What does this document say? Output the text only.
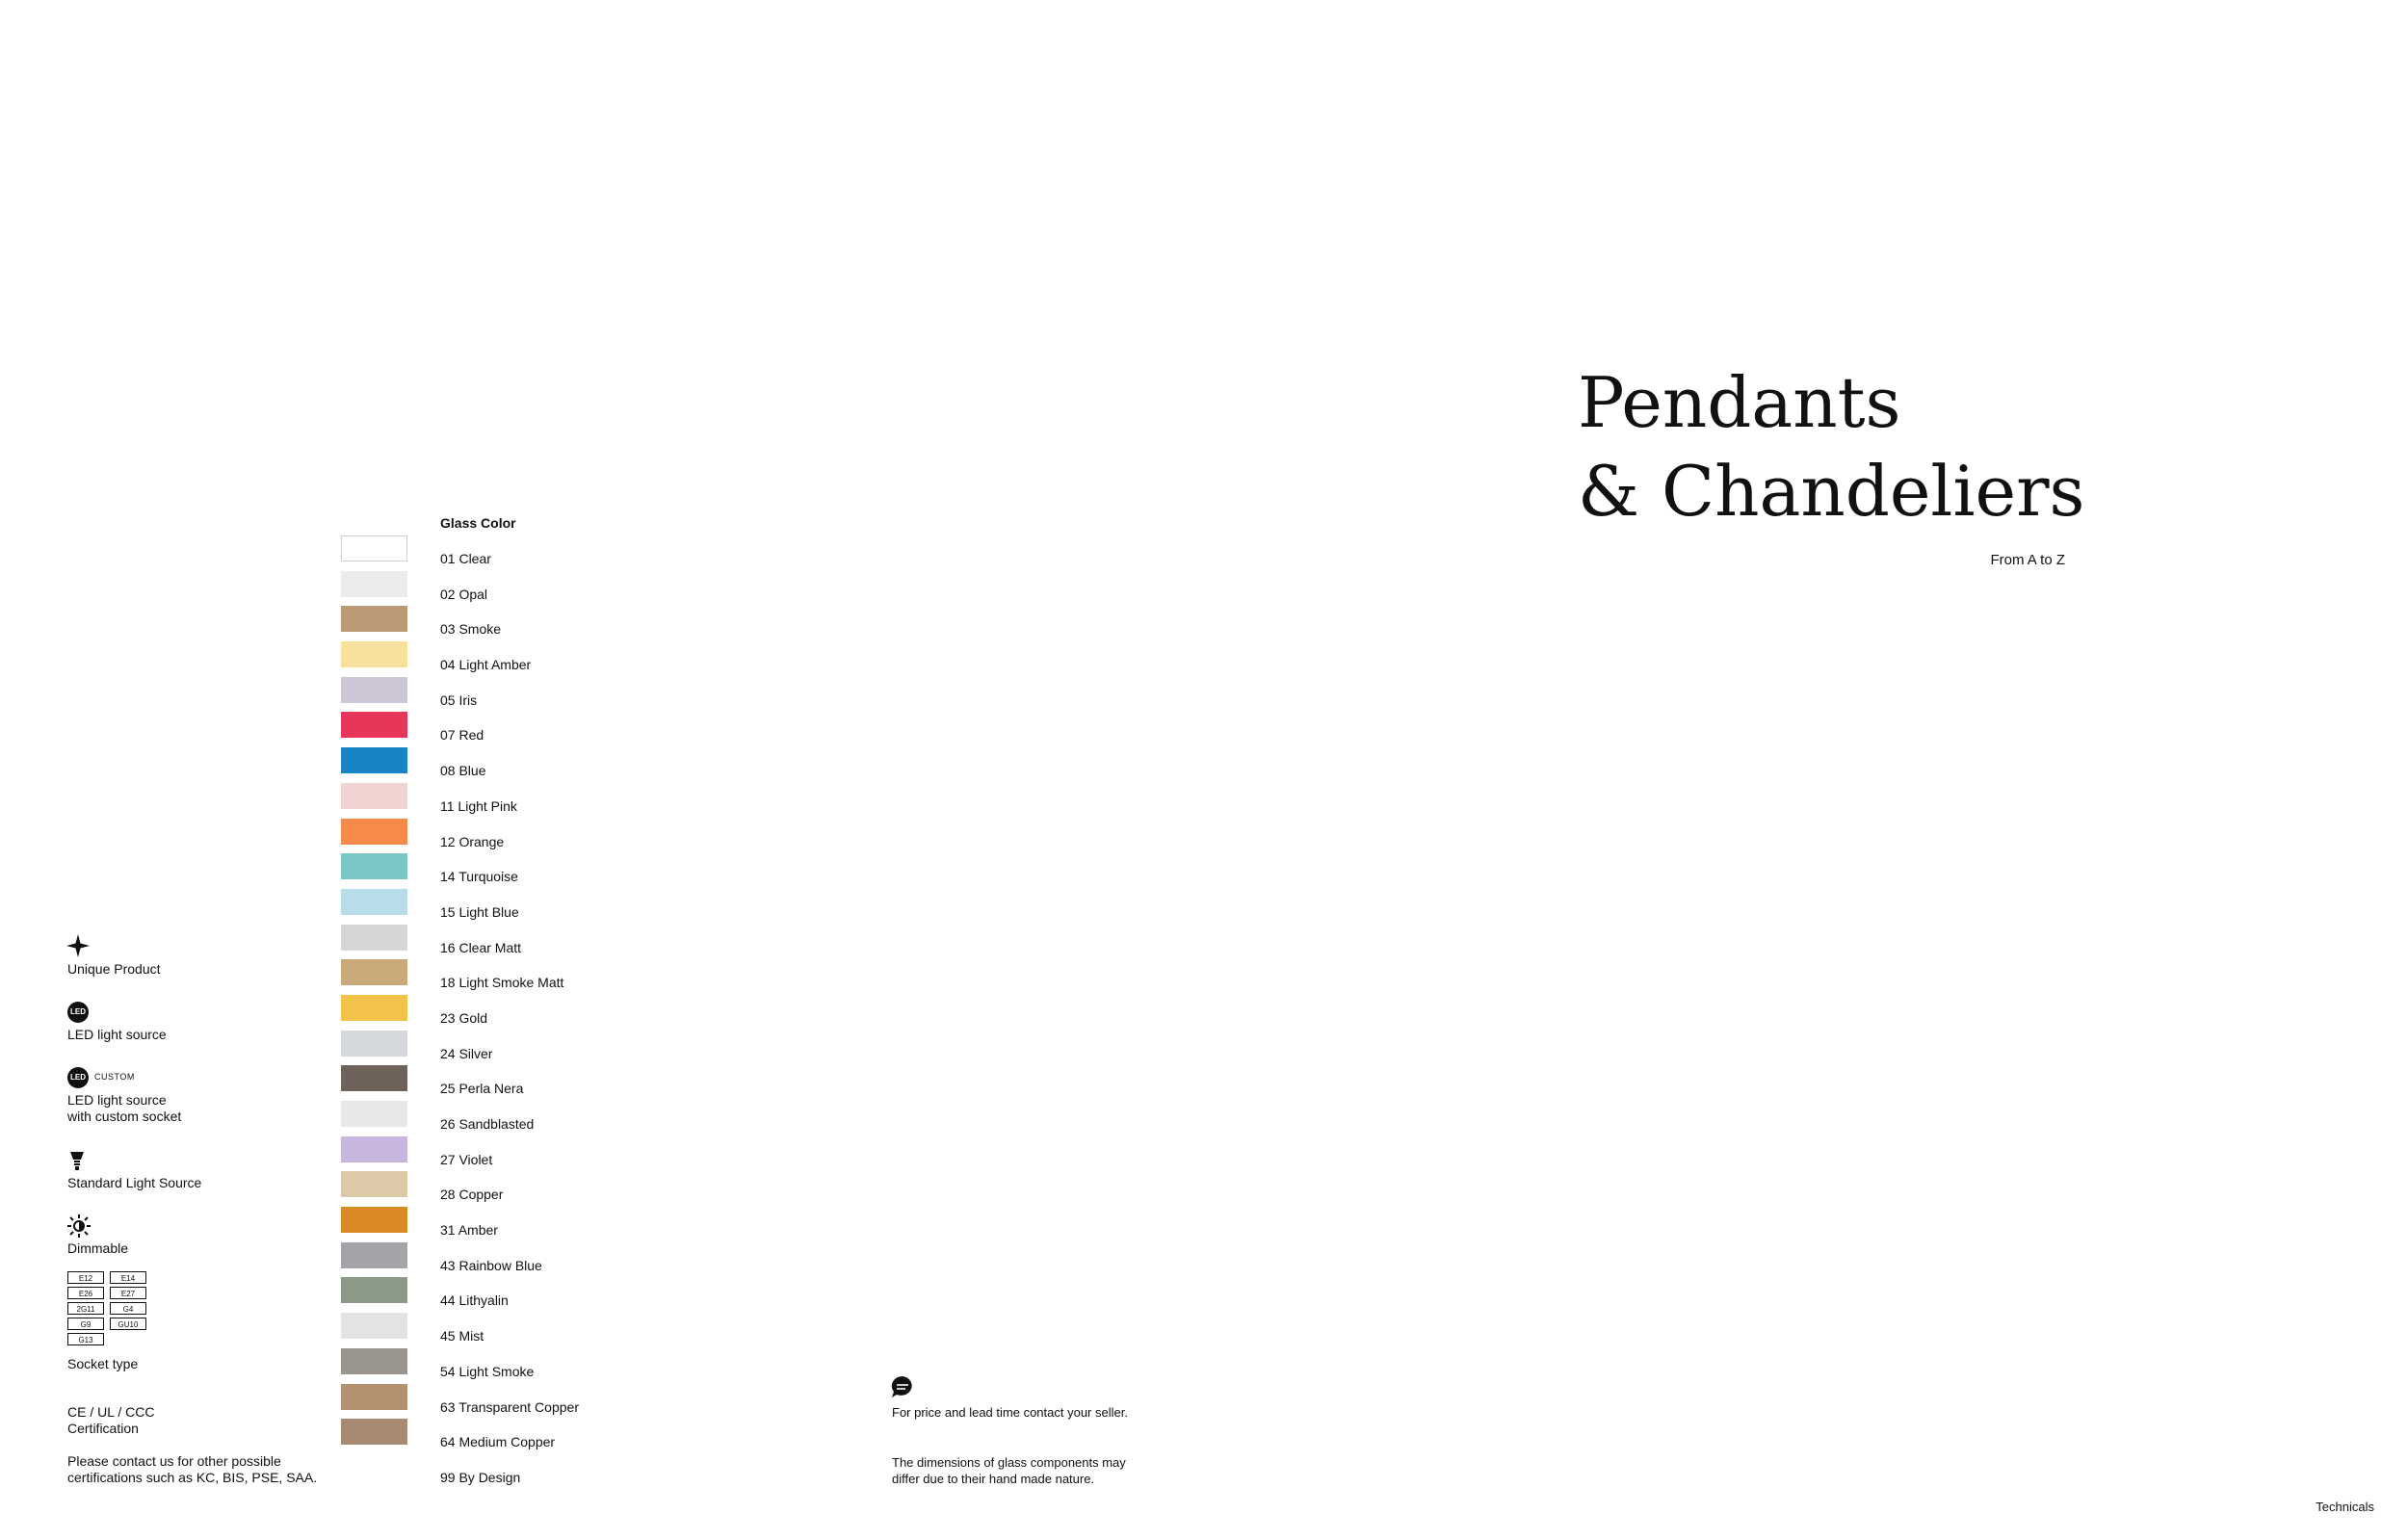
Pendants
& Chandeliers
From A to Z
Glass Color
01 Clear
02 Opal
03 Smoke
04 Light Amber
05 Iris
07 Red
08 Blue
11 Light Pink
12 Orange
14 Turquoise
15 Light Blue
16 Clear Matt
18 Light Smoke Matt
23 Gold
24 Silver
25 Perla Nera
26 Sandblasted
27 Violet
28 Copper
31 Amber
43 Rainbow Blue
44 Lithyalin
45 Mist
54 Light Smoke
63 Transparent Copper
64 Medium Copper
99 By Design
Unique Product
LED
LED light source
LED	CUSTOM
LED light source
with custom socket
Standard Light Source
Dimmable
E12	E14
E26	E27
2G11	G4
G9	GU10
G13
Socket type
CE / UL / CCC
Certification
Please contact us for other possible
certifications such as KC, BIS, PSE, SAA.
For price and lead time contact your seller.
The dimensions of glass components may
differ due to their hand made nature.
Technicals
